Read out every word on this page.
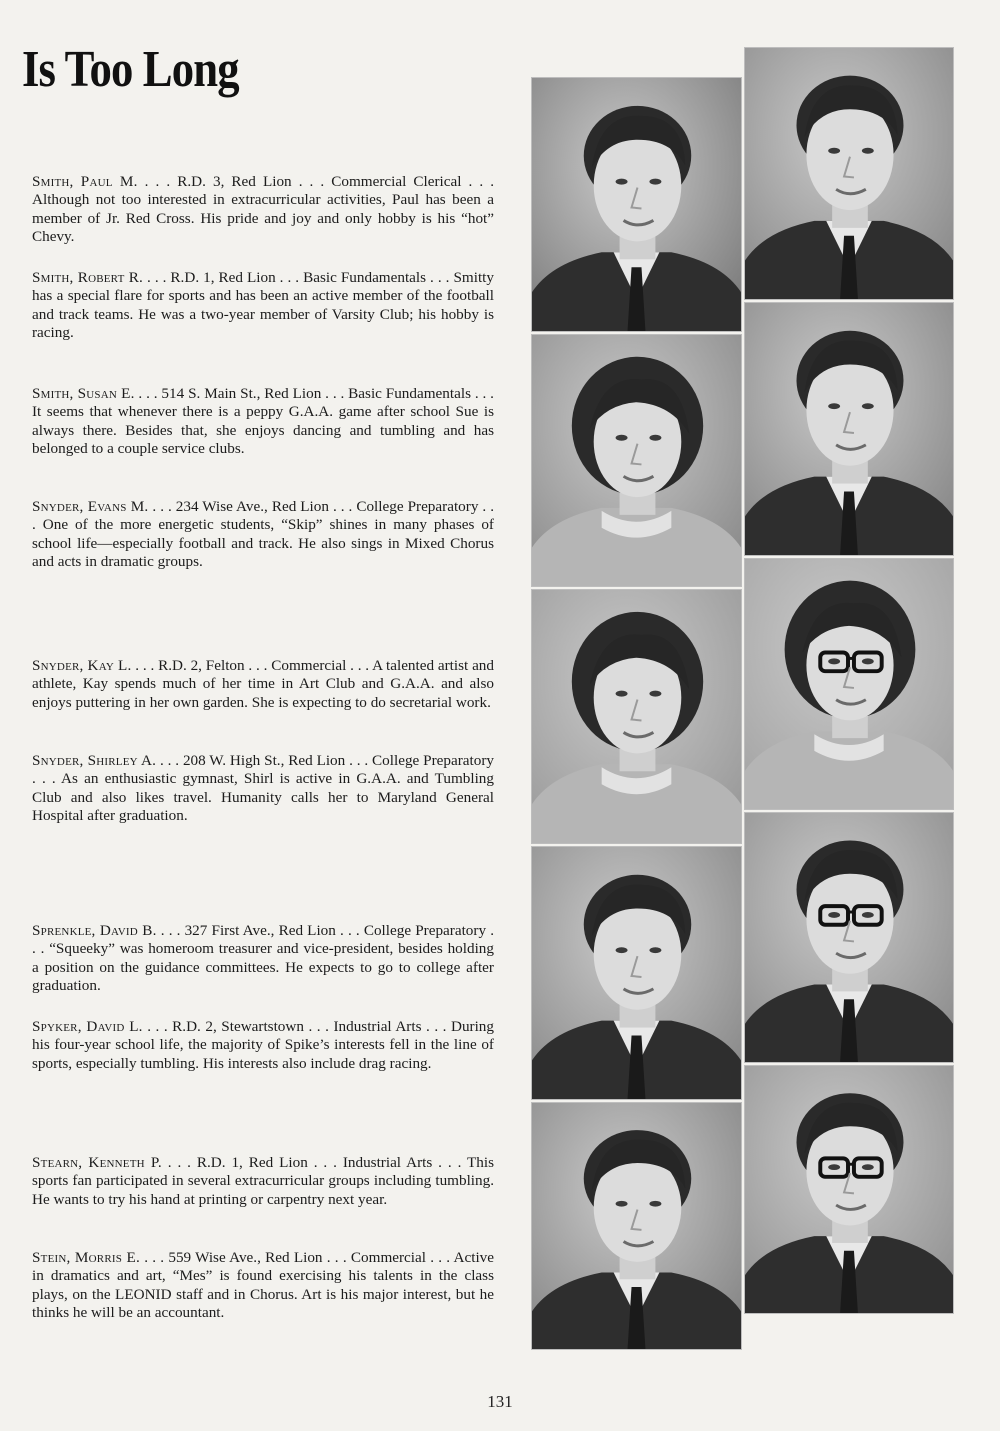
Is Too Long

Smith, Paul M. . . . R.D. 3, Red Lion . . . Commercial Clerical . . . Although not too interested in extracurricular activities, Paul has been a member of Jr. Red Cross. His pride and joy and only hobby is his “hot” Chevy.

Smith, Robert R. . . . R.D. 1, Red Lion . . . Basic Fundamentals . . . Smitty has a special flare for sports and has been an active member of the football and track teams. He was a two-year member of Varsity Club; his hobby is racing.

Smith, Susan E. . . . 514 S. Main St., Red Lion . . . Basic Fundamentals . . . It seems that whenever there is a peppy G.A.A. game after school Sue is always there. Besides that, she enjoys dancing and tumbling and has belonged to a couple service clubs.

Snyder, Evans M. . . . 234 Wise Ave., Red Lion . . . College Preparatory . . . One of the more energetic students, “Skip” shines in many phases of school life—especially football and track. He also sings in Mixed Chorus and acts in dramatic groups.

Snyder, Kay L. . . . R.D. 2, Felton . . . Commercial . . . A talented artist and athlete, Kay spends much of her time in Art Club and G.A.A. and also enjoys puttering in her own garden. She is expecting to do secretarial work.

Snyder, Shirley A. . . . 208 W. High St., Red Lion . . . College Preparatory . . . As an enthusiastic gymnast, Shirl is active in G.A.A. and Tumbling Club and also likes travel. Humanity calls her to Maryland General Hospital after graduation.

Sprenkle, David B. . . . 327 First Ave., Red Lion . . . College Preparatory . . . “Squeeky” was homeroom treasurer and vice-president, besides holding a position on the guidance committees. He expects to go to college after graduation.

Spyker, David L. . . . R.D. 2, Stewartstown . . . Industrial Arts . . . During his four-year school life, the majority of Spike’s interests fell in the line of sports, especially tumbling. His interests also include drag racing.

Stearn, Kenneth P. . . . R.D. 1, Red Lion . . . Industrial Arts . . . This sports fan participated in several extracurricular groups including tumbling. He wants to try his hand at printing or carpentry next year.

Stein, Morris E. . . . 559 Wise Ave., Red Lion . . . Commercial . . . Active in dramatics and art, “Mes” is found exercising his talents in the class plays, on the LEONID staff and in Chorus. Art is his major interest, but he thinks he will be an accountant.

131
